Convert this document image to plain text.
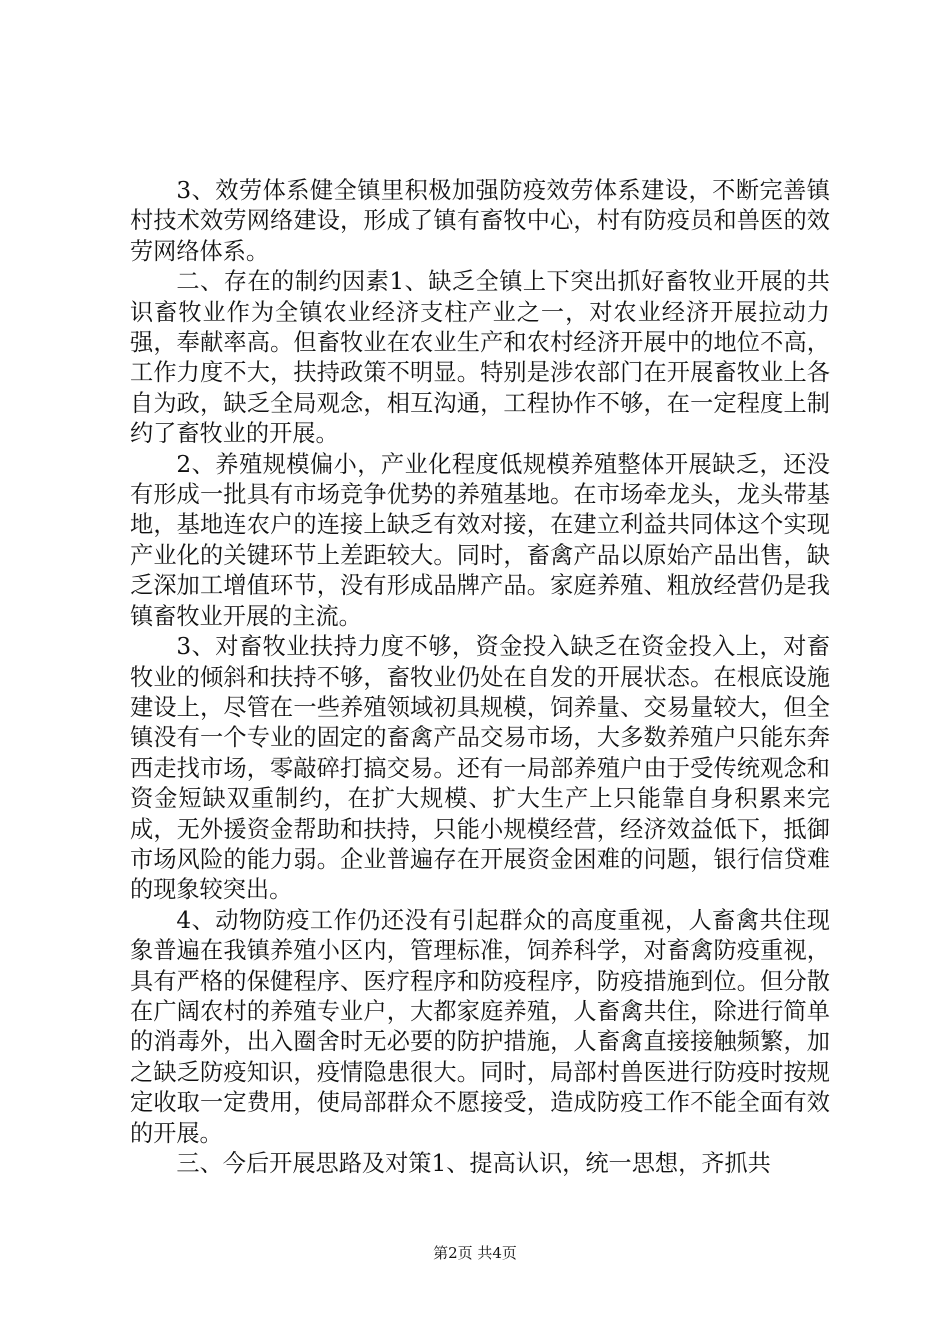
3、效劳体系健全镇里积极加强防疫效劳体系建设，不断完善镇村技术效劳网络建设，形成了镇有畜牧中心，村有防疫员和兽医的效劳网络体系。

二、存在的制约因素1、缺乏全镇上下突出抓好畜牧业开展的共识畜牧业作为全镇农业经济支柱产业之一，对农业经济开展拉动力强，奉献率高。但畜牧业在农业生产和农村经济开展中的地位不高，工作力度不大，扶持政策不明显。特别是涉农部门在开展畜牧业上各自为政，缺乏全局观念，相互沟通，工程协作不够，在一定程度上制约了畜牧业的开展。

2、养殖规模偏小，产业化程度低规模养殖整体开展缺乏，还没有形成一批具有市场竞争优势的养殖基地。在市场牵龙头，龙头带基地，基地连农户的连接上缺乏有效对接，在建立利益共同体这个实现产业化的关键环节上差距较大。同时，畜禽产品以原始产品出售，缺乏深加工增值环节，没有形成品牌产品。家庭养殖、粗放经营仍是我镇畜牧业开展的主流。

3、对畜牧业扶持力度不够，资金投入缺乏在资金投入上，对畜牧业的倾斜和扶持不够，畜牧业仍处在自发的开展状态。在根底设施建设上，尽管在一些养殖领域初具规模，饲养量、交易量较大，但全镇没有一个专业的固定的畜禽产品交易市场，大多数养殖户只能东奔西走找市场，零敲碎打搞交易。还有一局部养殖户由于受传统观念和资金短缺双重制约，在扩大规模、扩大生产上只能靠自身积累来完成，无外援资金帮助和扶持，只能小规模经营，经济效益低下，抵御市场风险的能力弱。企业普遍存在开展资金困难的问题，银行信贷难的现象较突出。

4、动物防疫工作仍还没有引起群众的高度重视，人畜禽共住现象普遍在我镇养殖小区内，管理标准，饲养科学，对畜禽防疫重视，具有严格的保健程序、医疗程序和防疫程序，防疫措施到位。但分散在广阔农村的养殖专业户，大都家庭养殖，人畜禽共住，除进行简单的消毒外，出入圈舍时无必要的防护措施，人畜禽直接接触频繁，加之缺乏防疫知识，疫情隐患很大。同时，局部村兽医进行防疫时按规定收取一定费用，使局部群众不愿接受，造成防疫工作不能全面有效的开展。

三、今后开展思路及对策1、提高认识，统一思想，齐抓共

第2页 共4页
